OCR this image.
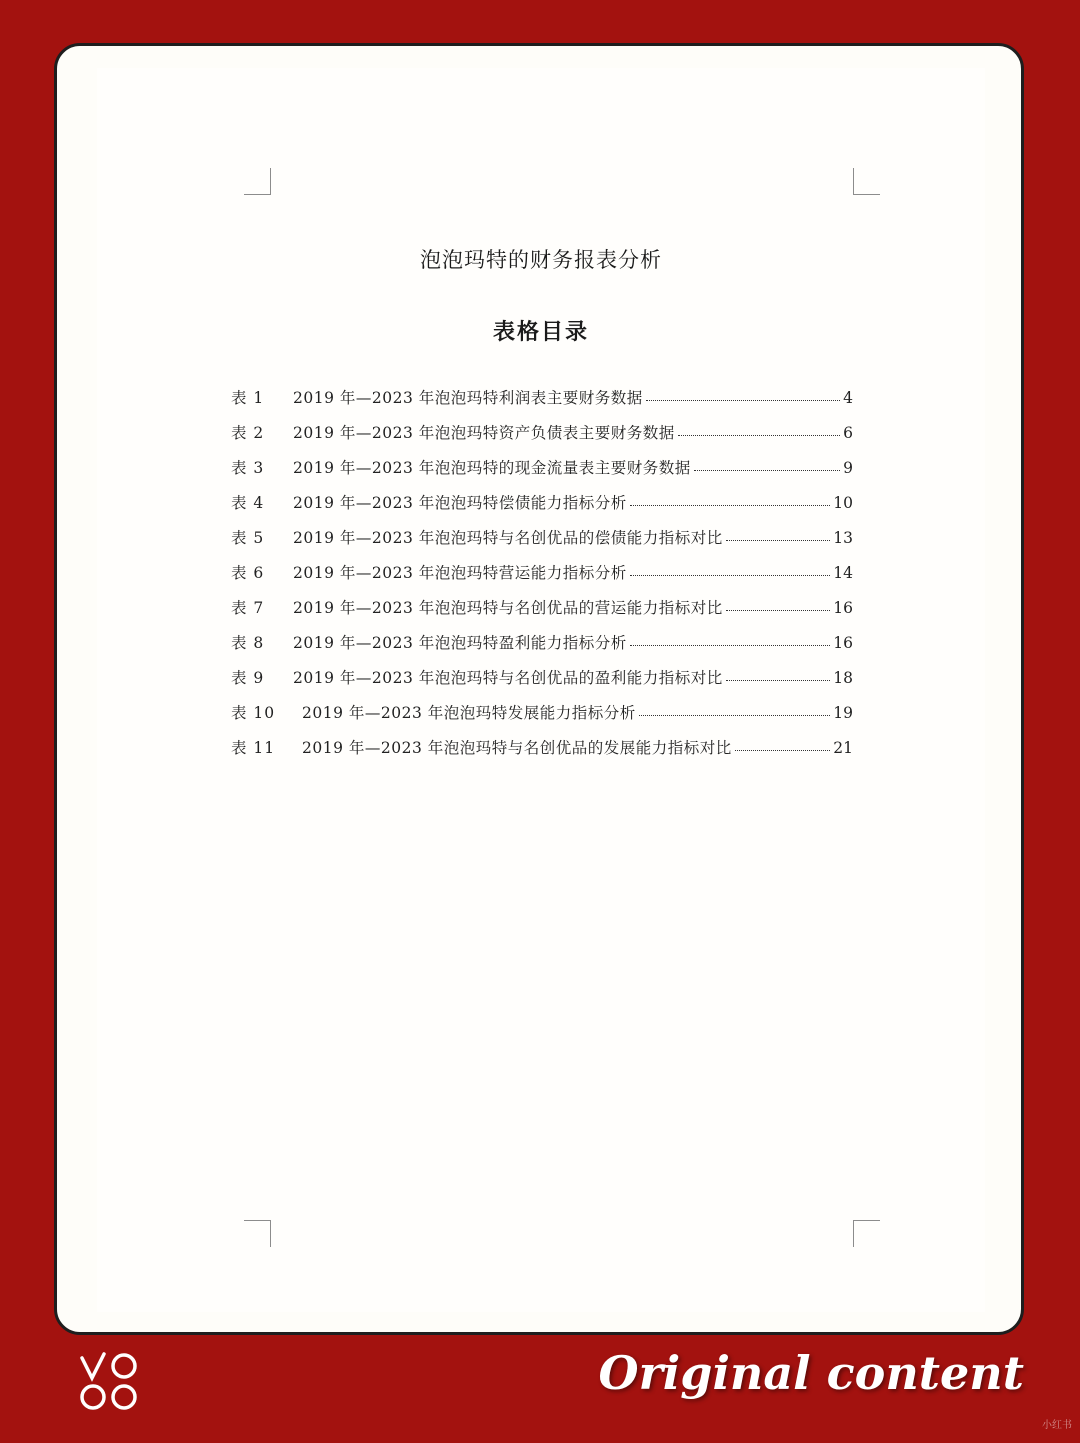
泡泡玛特的财务报表分析
表格目录
表 1	2019 年—2023 年泡泡玛特利润表主要财务数据	4
表 2	2019 年—2023 年泡泡玛特资产负债表主要财务数据	6
表 3	2019 年—2023 年泡泡玛特的现金流量表主要财务数据	9
表 4	2019 年—2023 年泡泡玛特偿债能力指标分析	10
表 5	2019 年—2023 年泡泡玛特与名创优品的偿债能力指标对比	13
表 6	2019 年—2023 年泡泡玛特营运能力指标分析	14
表 7	2019 年—2023 年泡泡玛特与名创优品的营运能力指标对比	16
表 8	2019 年—2023 年泡泡玛特盈利能力指标分析	16
表 9	2019 年—2023 年泡泡玛特与名创优品的盈利能力指标对比	18
表 10	2019 年—2023 年泡泡玛特发展能力指标分析	19
表 11	2019 年—2023 年泡泡玛特与名创优品的发展能力指标对比	21
Original content
小红书
